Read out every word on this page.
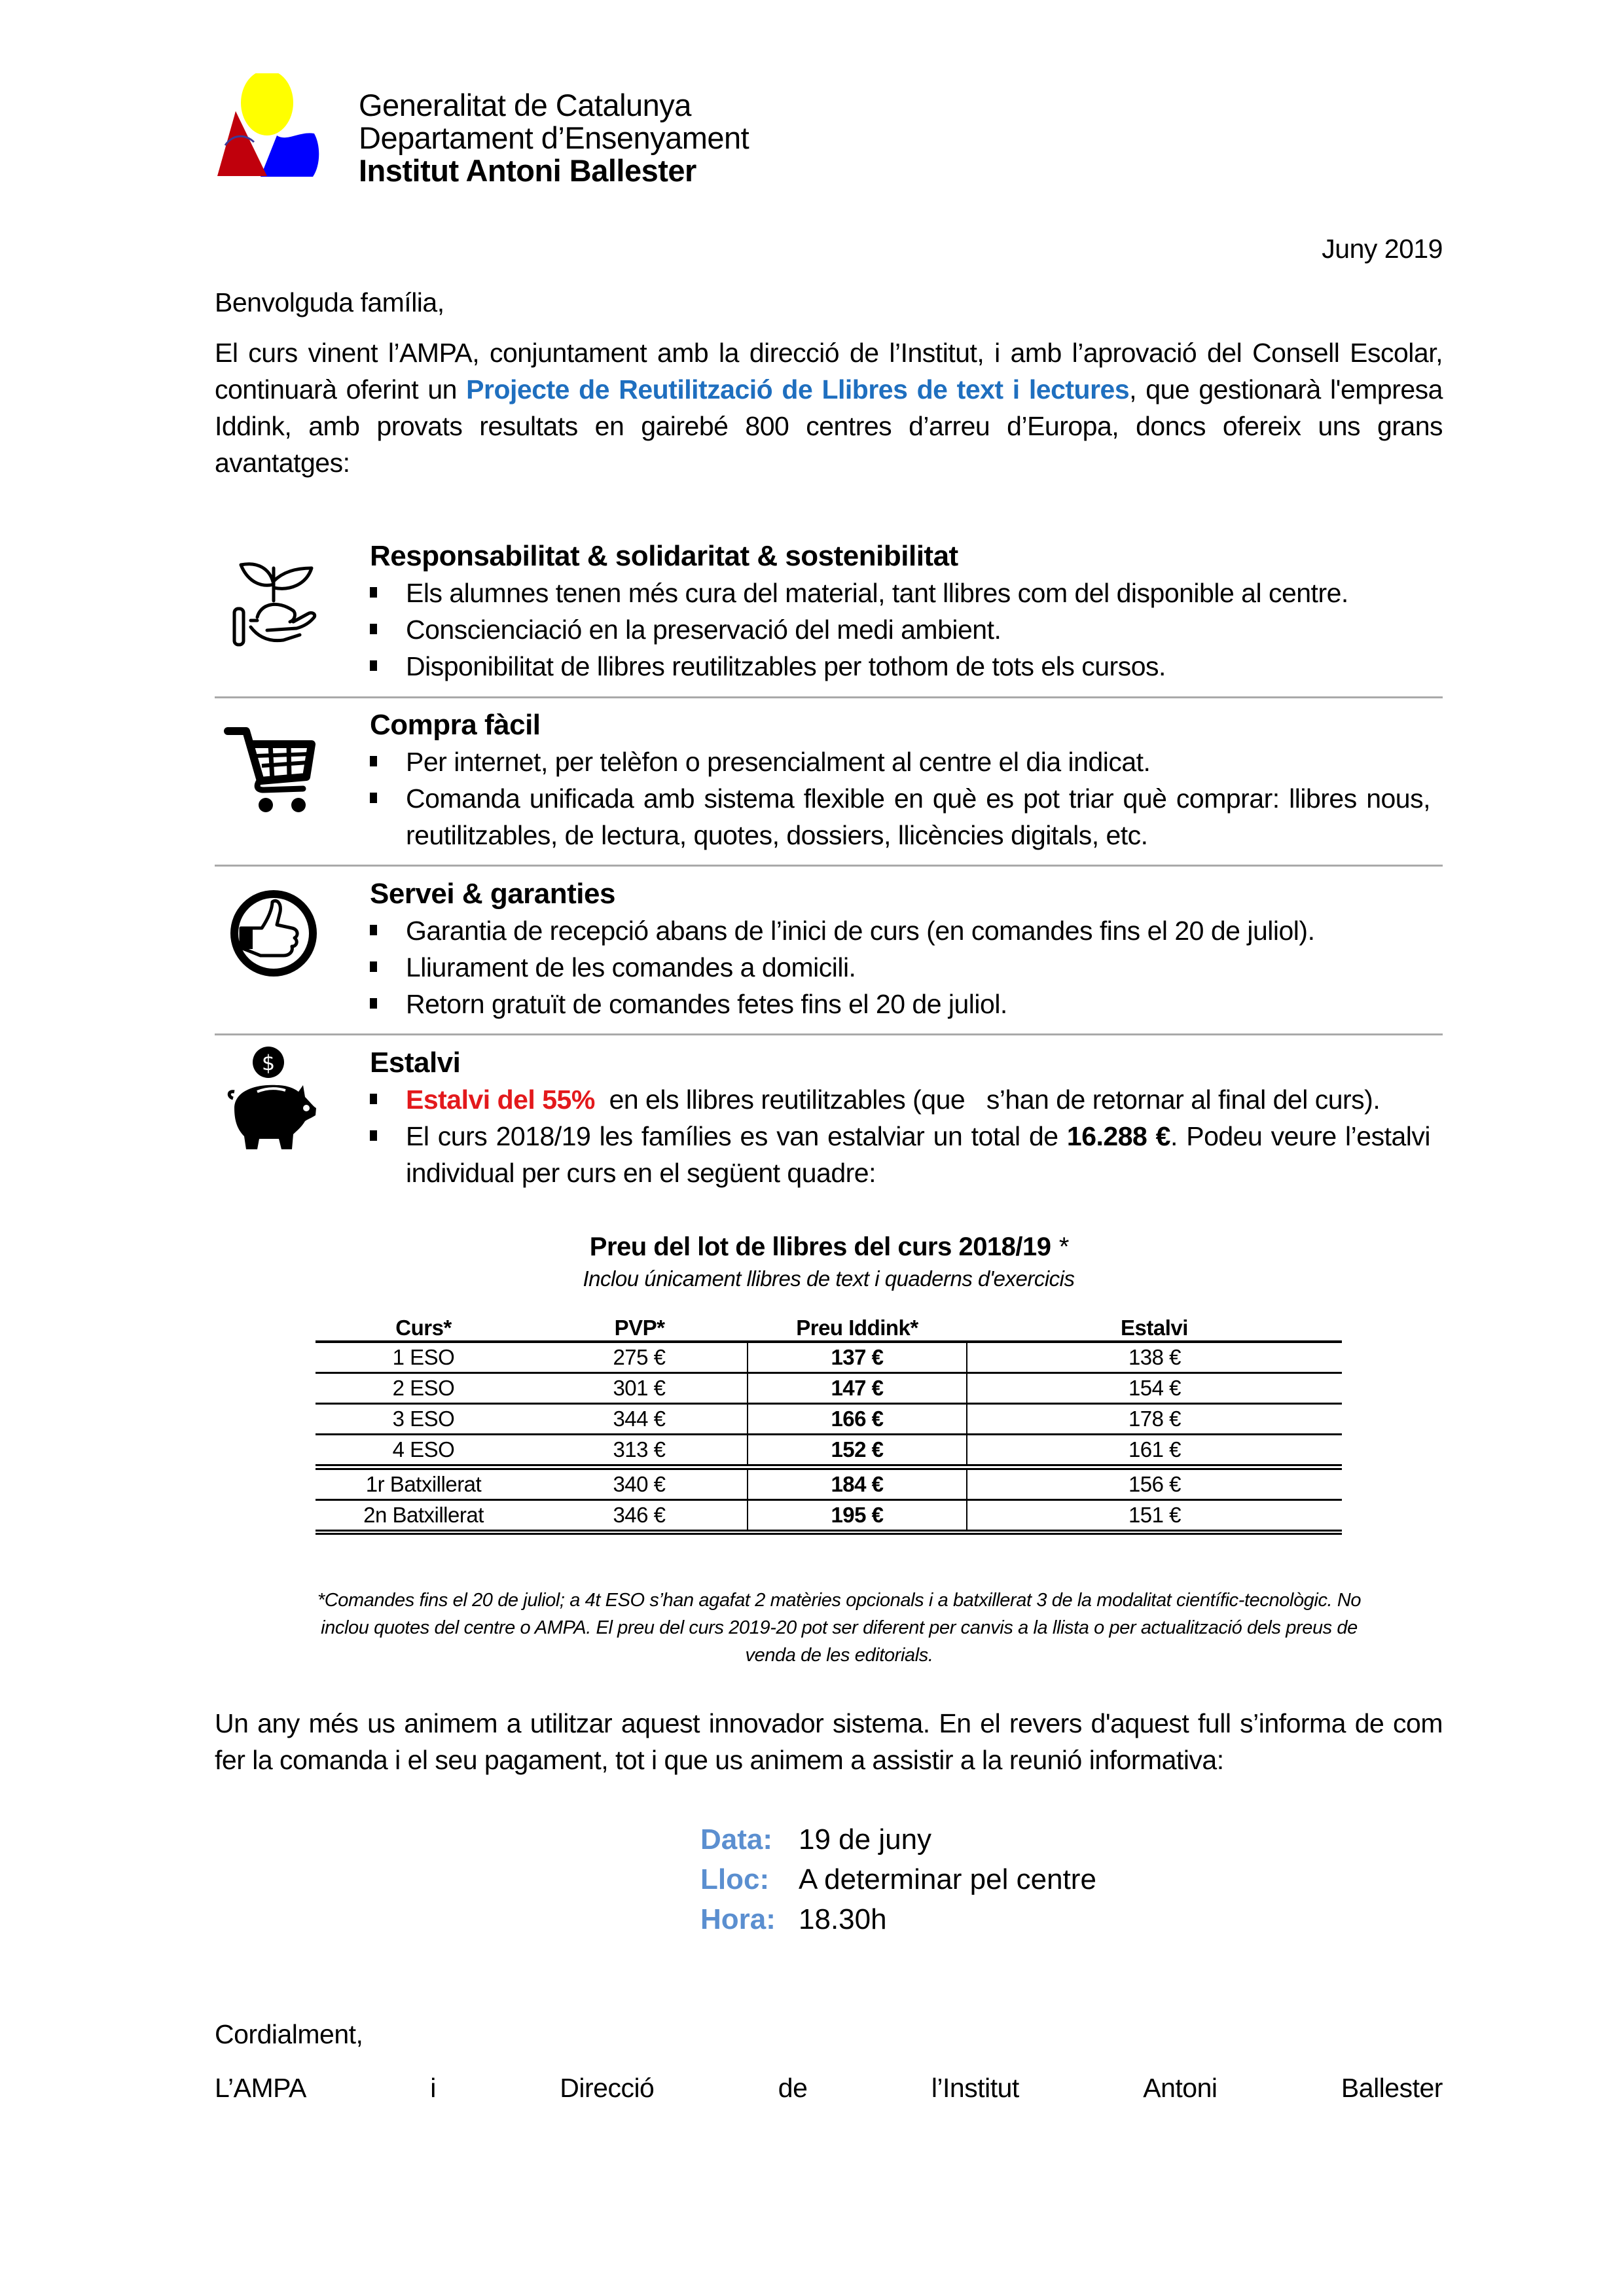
Generalitat de Catalunya
Departament d’Ensenyament
Institut Antoni Ballester
Juny 2019
Benvolguda família,
El curs vinent l’AMPA, conjuntament amb la direcció de l’Institut, i amb l’aprovació del Consell Escolar, continuarà oferint un Projecte de Reutilització de Llibres de text i lectures, que gestionarà l'empresa Iddink, amb provats resultats en gairebé 800 centres d’arreu d’Europa, doncs ofereix uns grans avantatges:
Responsabilitat & solidaritat & sostenibilitat
Els alumnes tenen més cura del material, tant llibres com del disponible al centre.
Conscienciació en la preservació del medi ambient.
Disponibilitat de llibres reutilitzables per tothom de tots els cursos.
Compra fàcil
Per internet, per telèfon o presencialment al centre el dia indicat.
Comanda unificada amb sistema flexible en què es pot triar què comprar: llibres nous, reutilitzables, de lectura, quotes, dossiers, llicències digitals, etc.
Servei & garanties
Garantia de recepció abans de l’inici de curs (en comandes fins el 20 de juliol).
Lliurament de les comandes a domicili.
Retorn gratuït de comandes fetes fins el 20 de juliol.
$	Estalvi
Estalvi del 55%  en els llibres reutilitzables (que   s’han de retornar al final del curs).
El curs 2018/19 les famílies es van estalviar un total de 16.288 €. Podeu veure l’estalvi individual per curs en el següent quadre:
Preu del lot de llibres del curs 2018/19 *
Inclou únicament llibres de text i quaderns d'exercicis
Curs*	PVP*	Preu Iddink*	Estalvi
1 ESO	275 €	137 €	138 €
2 ESO	301 €	147 €	154 €
3 ESO	344 €	166 €	178 €
4 ESO	313 €	152 €	161 €
1r Batxillerat	340 €	184 €	156 €
2n Batxillerat	346 €	195 €	151 €
*Comandes fins el 20 de juliol; a 4t ESO s’han agafat 2 matèries opcionals i a batxillerat 3 de la modalitat científic-tecnològic. No inclou quotes del centre o AMPA. El preu del curs 2019-20 pot ser diferent per canvis a la llista o per actualització dels preus de venda de les editorials.
Un any més us animem a utilitzar aquest innovador sistema. En el revers d'aquest full s’informa de com fer la comanda i el seu pagament, tot i que us animem a assistir a la reunió informativa:
Data: 19 de juny
Lloc: A determinar pel centre
Hora: 18.30h
Cordialment,
L’AMPA	i	Direcció	de	l’Institut	Antoni	Ballester
